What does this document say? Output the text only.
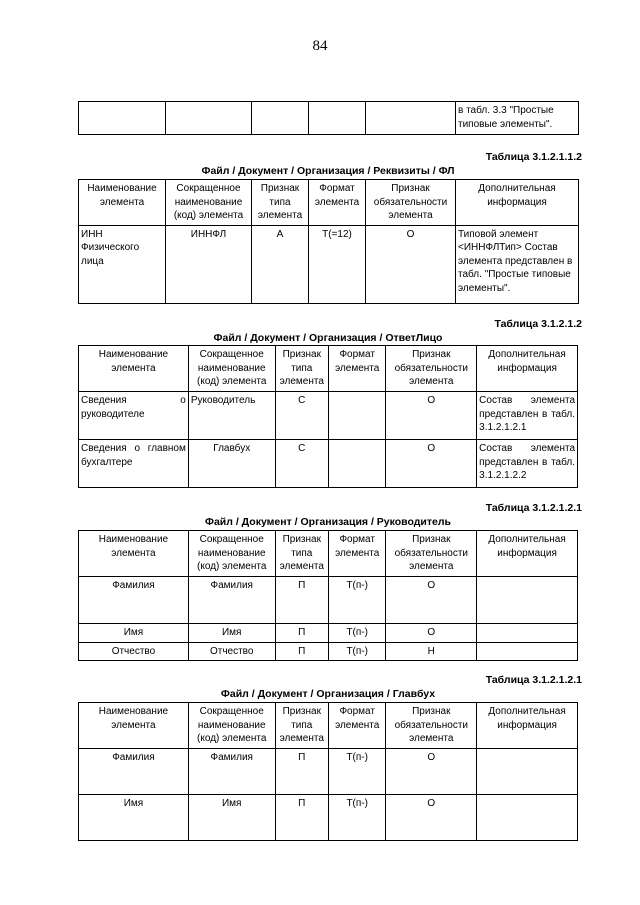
84
					в табл. 3.3 "Простые типовые элементы".
Таблица 3.1.2.1.1.2
Файл / Документ / Организация / Реквизиты / ФЛ
Наименование элемента	Сокращенное наименование (код) элемента	Признак типа элемента	Формат элемента	Признак обязательности элемента	Дополнительная информация
ИНН Физического лица	ИННФЛ	А	Т(=12)	О	Типовой элемент <ИННФЛТип> Состав элемента представлен в табл. "Простые типовые элементы".
Таблица 3.1.2.1.2
Файл / Документ / Организация / ОтветЛицо
Наименование элемента	Сокращенное наименование (код) элемента	Признак типа элемента	Формат элемента	Признак обязательности элемента	Дополнительная информация
Сведения о руководителе	Руководитель	С		О	Состав элемента представлен в табл. 3.1.2.1.2.1
Сведения о главном бухгалтере	Главбух	С		О	Состав элемента представлен в табл. 3.1.2.1.2.2
Таблица 3.1.2.1.2.1
Файл / Документ / Организация / Руководитель
Наименование элемента	Сокращенное наименование (код) элемента	Признак типа элемента	Формат элемента	Признак обязательности элемента	Дополнительная информация
Фамилия	Фамилия	П	Т(п-)	О	
Имя	Имя	П	Т(п-)	О	
Отчество	Отчество	П	Т(п-)	Н	
Таблица 3.1.2.1.2.1
Файл / Документ / Организация / Главбух
Наименование элемента	Сокращенное наименование (код) элемента	Признак типа элемента	Формат элемента	Признак обязательности элемента	Дополнительная информация
Фамилия	Фамилия	П	Т(п-)	О	
Имя	Имя	П	Т(п-)	О	
